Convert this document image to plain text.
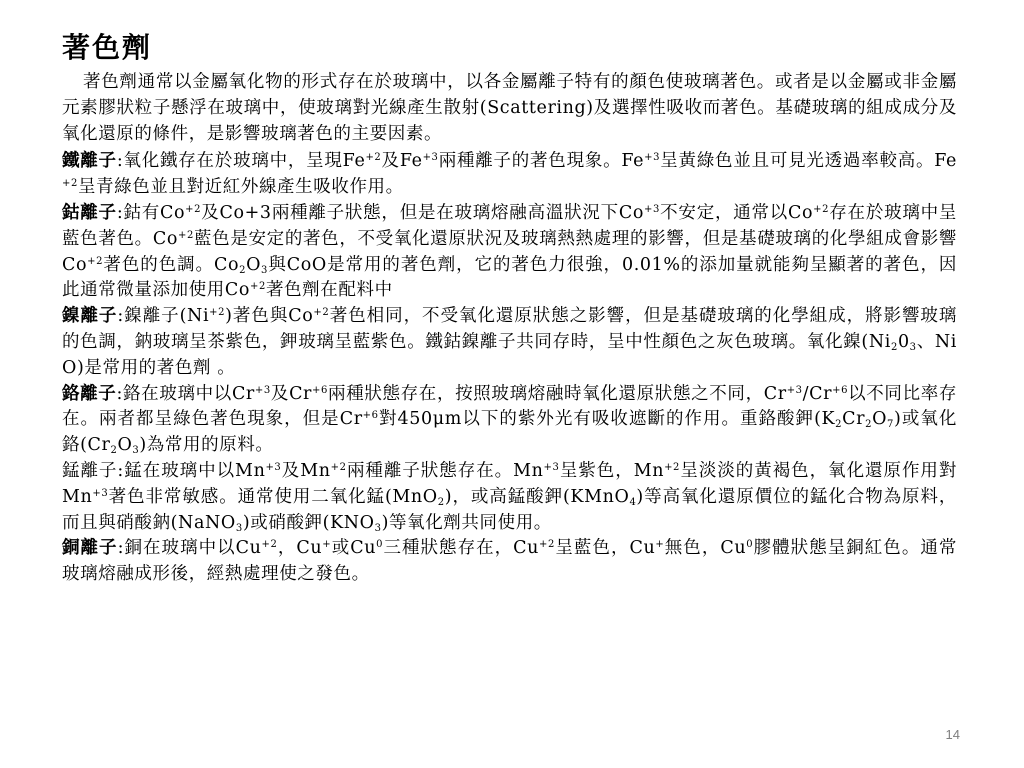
著色劑

著色劑通常以金屬氧化物的形式存在於玻璃中，以各金屬離子特有的顏色使玻璃著色。或者是以金屬或非金屬元素膠狀粒子懸浮在玻璃中，使玻璃對光線產生散射(Scattering)及選擇性吸收而著色。基礎玻璃的組成成分及氧化還原的條件，是影響玻璃著色的主要因素。

鐵離子:氧化鐵存在於玻璃中，呈現$Fe^{+2}$及$Fe^{+3}$兩種離子的著色現象。$Fe^{+3}$呈黃綠色並且可見光透過率較高。$Fe^{+2}$呈青綠色並且對近紅外線產生吸收作用。

鈷離子:鈷有$Co^{+2}$及Co+3兩種離子狀態，但是在玻璃熔融高溫狀況下$Co^{+3}$不安定，通常以$Co^{+2}$存在於玻璃中呈藍色著色。$Co^{+2}$藍色是安定的著色，不受氧化還原狀況及玻璃熱熱處理的影響，但是基礎玻璃的化學組成會影響$Co^{+2}$著色的色調。$Co_2O_3$與CoO是常用的著色劑，它的著色力很強，0.01%的添加量就能夠呈顯著的著色，因此通常微量添加使用$Co^{+2}$著色劑在配料中

鎳離子:鎳離子$(Ni^{+2})$著色與$Co^{+2}$著色相同，不受氧化還原狀態之影響，但是基礎玻璃的化學組成，將影響玻璃的色調，鈉玻璃呈茶紫色，鉀玻璃呈藍紫色。鐵鈷鎳離子共同存時，呈中性顏色之灰色玻璃。氧化鎳($Ni_20_3$、NiO)是常用的著色劑 。

鉻離子:鉻在玻璃中以$Cr^{+3}$及$Cr^{+6}$兩種狀態存在，按照玻璃熔融時氧化還原狀態之不同，$Cr^{+3}/Cr^{+6}$以不同比率存在。兩者都呈綠色著色現象，但是$Cr^{+6}$對450μm以下的紫外光有吸收遮斷的作用。重鉻酸鉀$(K_2Cr_2O_7)$或氧化鉻$(Cr_2O_3)$為常用的原料。

錳離子:錳在玻璃中以$Mn^{+3}$及$Mn^{+2}$兩種離子狀態存在。$Mn^{+3}$呈紫色，$Mn^{+2}$呈淡淡的黃褐色，氧化還原作用對$Mn^{+3}$著色非常敏感。通常使用二氧化錳(MnO$_2$)，或高錳酸鉀(KMnO$_4$)等高氧化還原價位的錳化合物為原料，而且與硝酸鈉(NaNO$_3$)或硝酸鉀$(KNO_3)$等氧化劑共同使用。

銅離子:銅在玻璃中以$Cu^{+2}$，Cu+或Cu$^0$三種狀態存在，$Cu^{+2}$呈藍色，Cu+無色，Cu$^0$膠體狀態呈銅紅色。通常玻璃熔融成形後，經熱處理使之發色。

14
